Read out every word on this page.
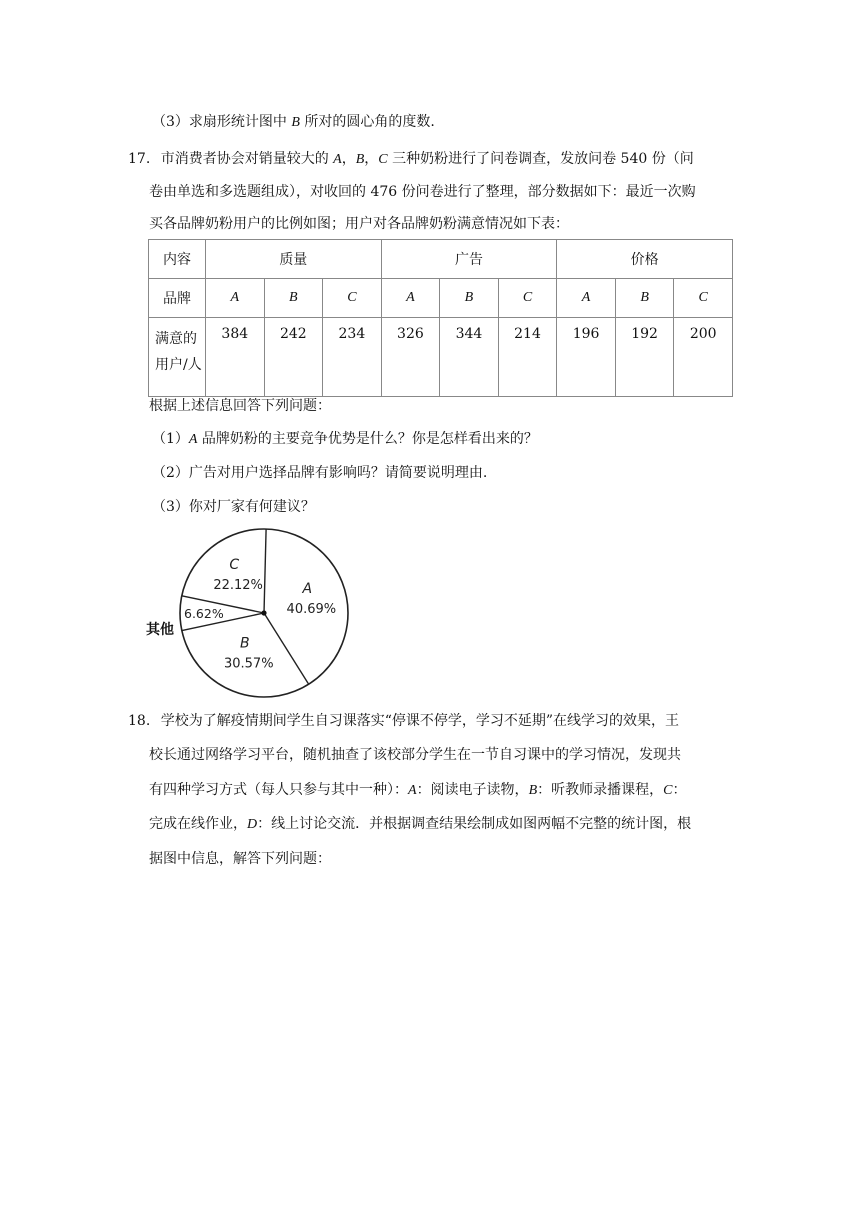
（3）求扇形统计图中 B 所对的圆心角的度数.
17. 市消费者协会对销量较大的 A，B，C 三种奶粉进行了问卷调查，发放问卷 540 份（问
卷由单选和多选题组成），对收回的 476 份问卷进行了整理，部分数据如下：最近一次购
买各品牌奶粉用户的比例如图；用户对各品牌奶粉满意情况如下表：
内容	质量			广告			价格		
品牌	A	B	C	A	B	C	A	B	C

满意的
用户/人	384	242	234	326	344	214	196	192	200
根据上述信息回答下列问题：
（1）A 品牌奶粉的主要竞争优势是什么？你是怎样看出来的？
（2）广告对用户选择品牌有影响吗？请简要说明理由.
（3）你对厂家有何建议？
A
40.69%
B
30.57%
6.62%
其他
C
22.12%
18. 学校为了解疫情期间学生自习课落实“停课不停学，学习不延期”在线学习的效果，王
校长通过网络学习平台，随机抽查了该校部分学生在一节自习课中的学习情况，发现共
有四种学习方式（每人只参与其中一种）：A：阅读电子读物，B：听教师录播课程，C：
完成在线作业，D：线上讨论交流．并根据调查结果绘制成如图两幅不完整的统计图，根
据图中信息，解答下列问题：
